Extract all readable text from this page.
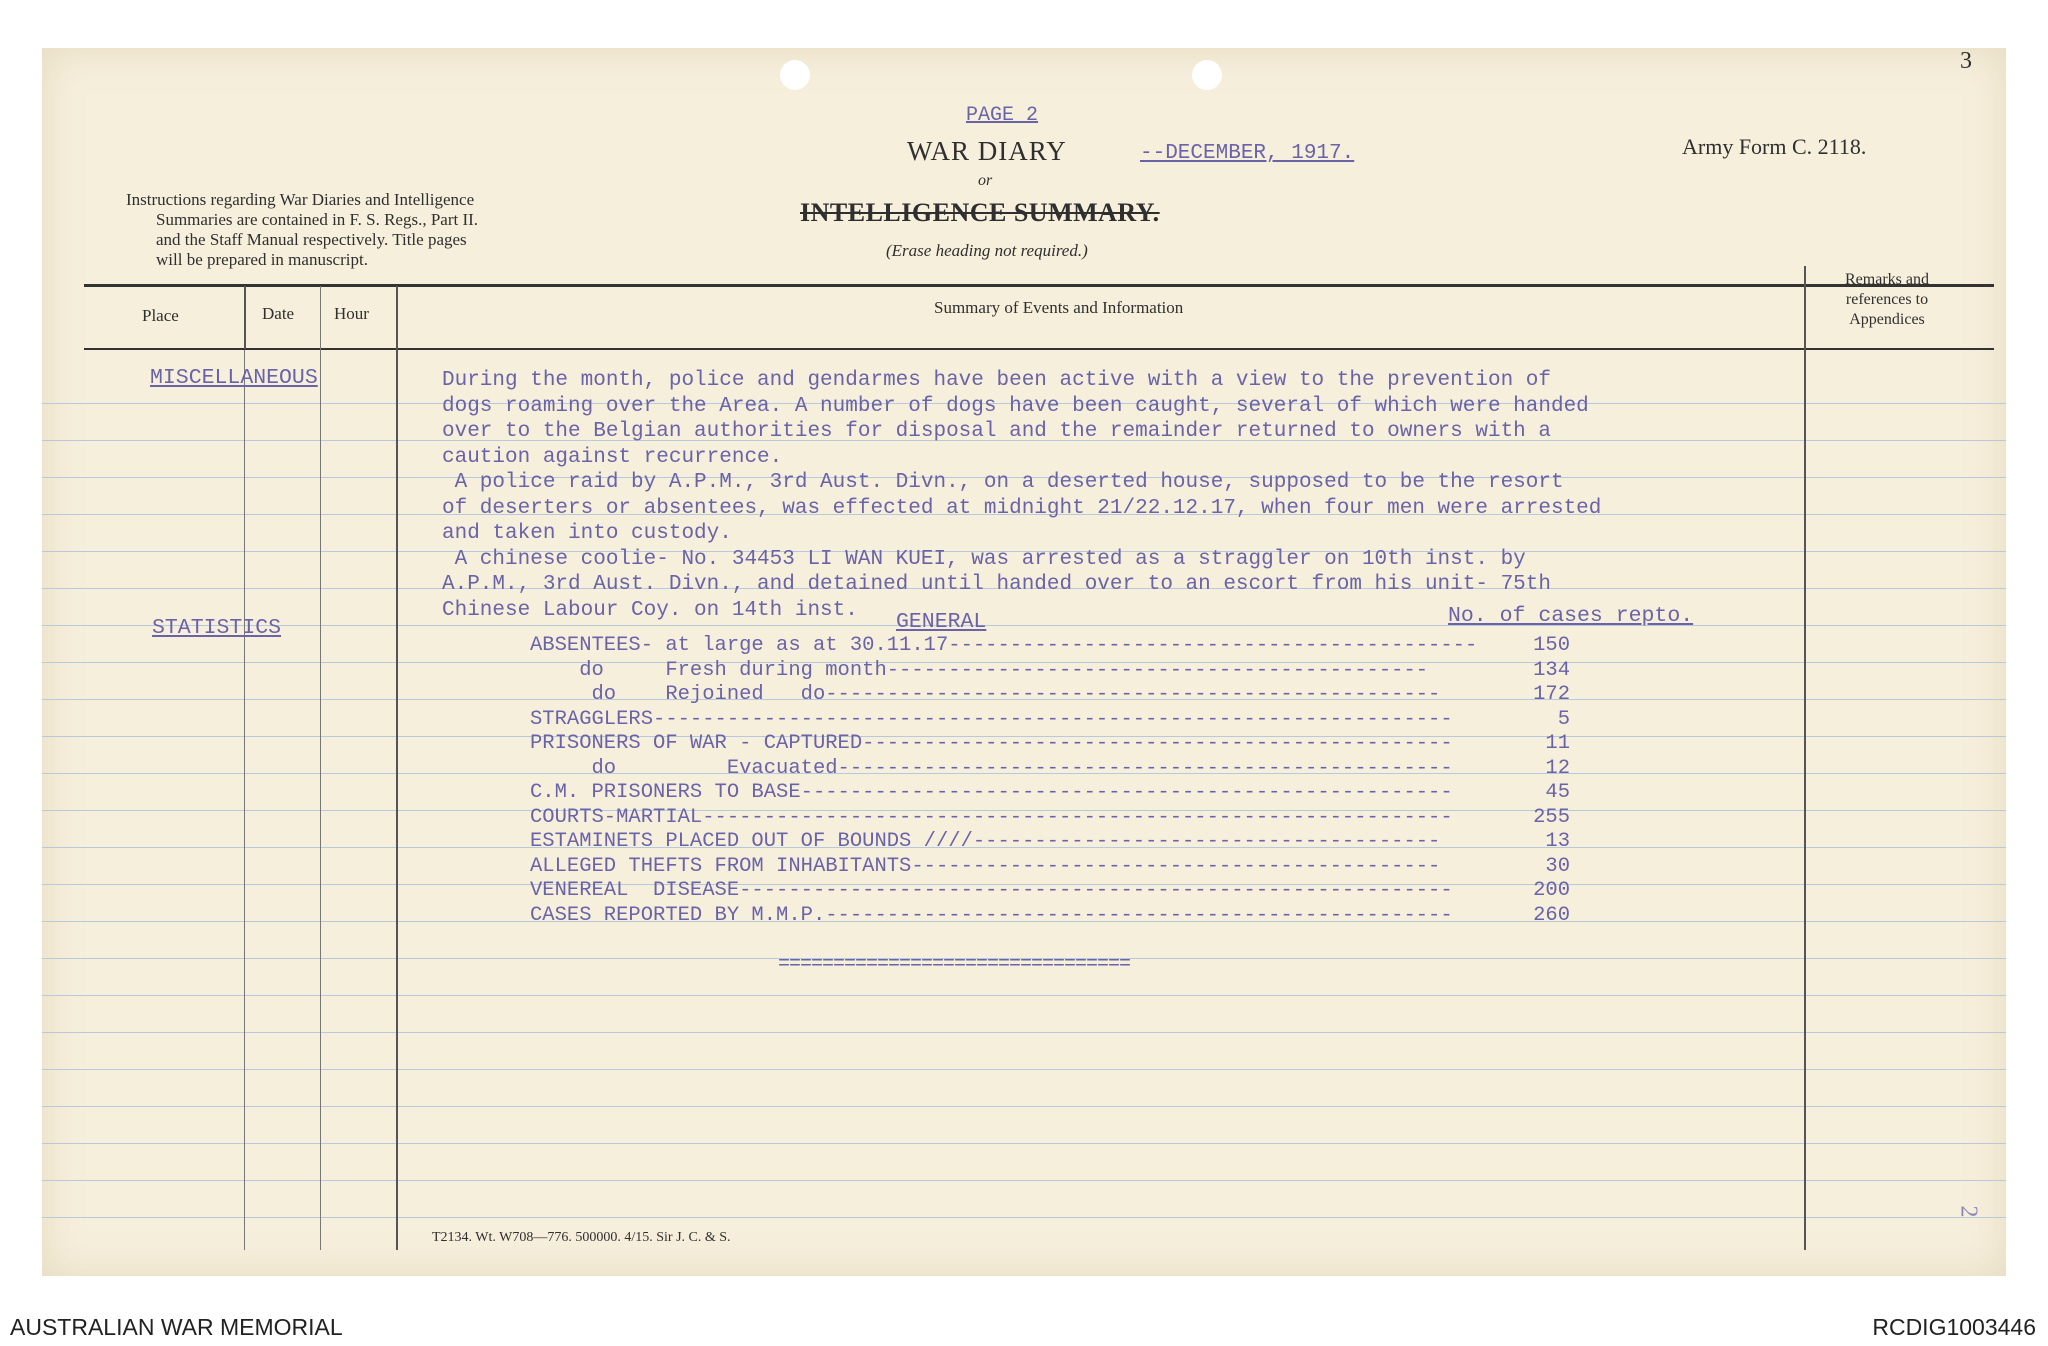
PAGE 2
WAR DIARY	--DECEMBER, 1917.
or
INTELLIGENCE SUMMARY.
(Erase heading not required.)
Army Form C. 2118.
3
Instructions regarding War Diaries and Intelligence
Summaries are contained in F. S. Regs., Part II.
and the Staff Manual respectively. Title pages
will be prepared in manuscript.
Place	Date Hour	Summary of Events and Information
Remarks and
references to
Appendices
MISCELLANEOUS
STATISTICS
During the month, police and gendarmes have been active with a view to the prevention of
dogs roaming over the Area. A number of dogs have been caught, several of which were handed
over to the Belgian authorities for disposal and the remainder returned to owners with a
caution against recurrence.
A police raid by A.P.M., 3rd Aust. Divn., on a deserted house, supposed to be the resort
of deserters or absentees, was effected at midnight 21/22.12.17, when four men were arrested
and taken into custody.
A chinese coolie- No. 34453 LI WAN KUEI, was arrested as a straggler on 10th inst. by
A.P.M., 3rd Aust. Divn., and detained until handed over to an escort from his unit- 75th
Chinese Labour Coy. on 14th inst.	GENERAL	No. of cases repto.
ABSENTEES- at large as at 30.11.17-------------------------------------------	150
do     Fresh during month--------------------------------------------	134
do    Rejoined   do--------------------------------------------------	172
STRAGGLERS-----------------------------------------------------------------	5
PRISONERS OF WAR - CAPTURED------------------------------------------------	11
do         Evacuated--------------------------------------------------	12
C.M. PRISONERS TO BASE-----------------------------------------------------	45
COURTS-MARTIAL-------------------------------------------------------------	255
ESTAMINETS PLACED OUT OF BOUNDS ////--------------------------------------	13
ALLEGED THEFTS FROM INHABITANTS-------------------------------------------	30
VENEREAL  DISEASE----------------------------------------------------------	200
CASES REPORTED BY M.M.P.---------------------------------------------------	260
================================
T2134. Wt. W708—776. 500000. 4/15. Sir J. C. & S.
2
AUSTRALIAN WAR MEMORIAL	RCDIG1003446
